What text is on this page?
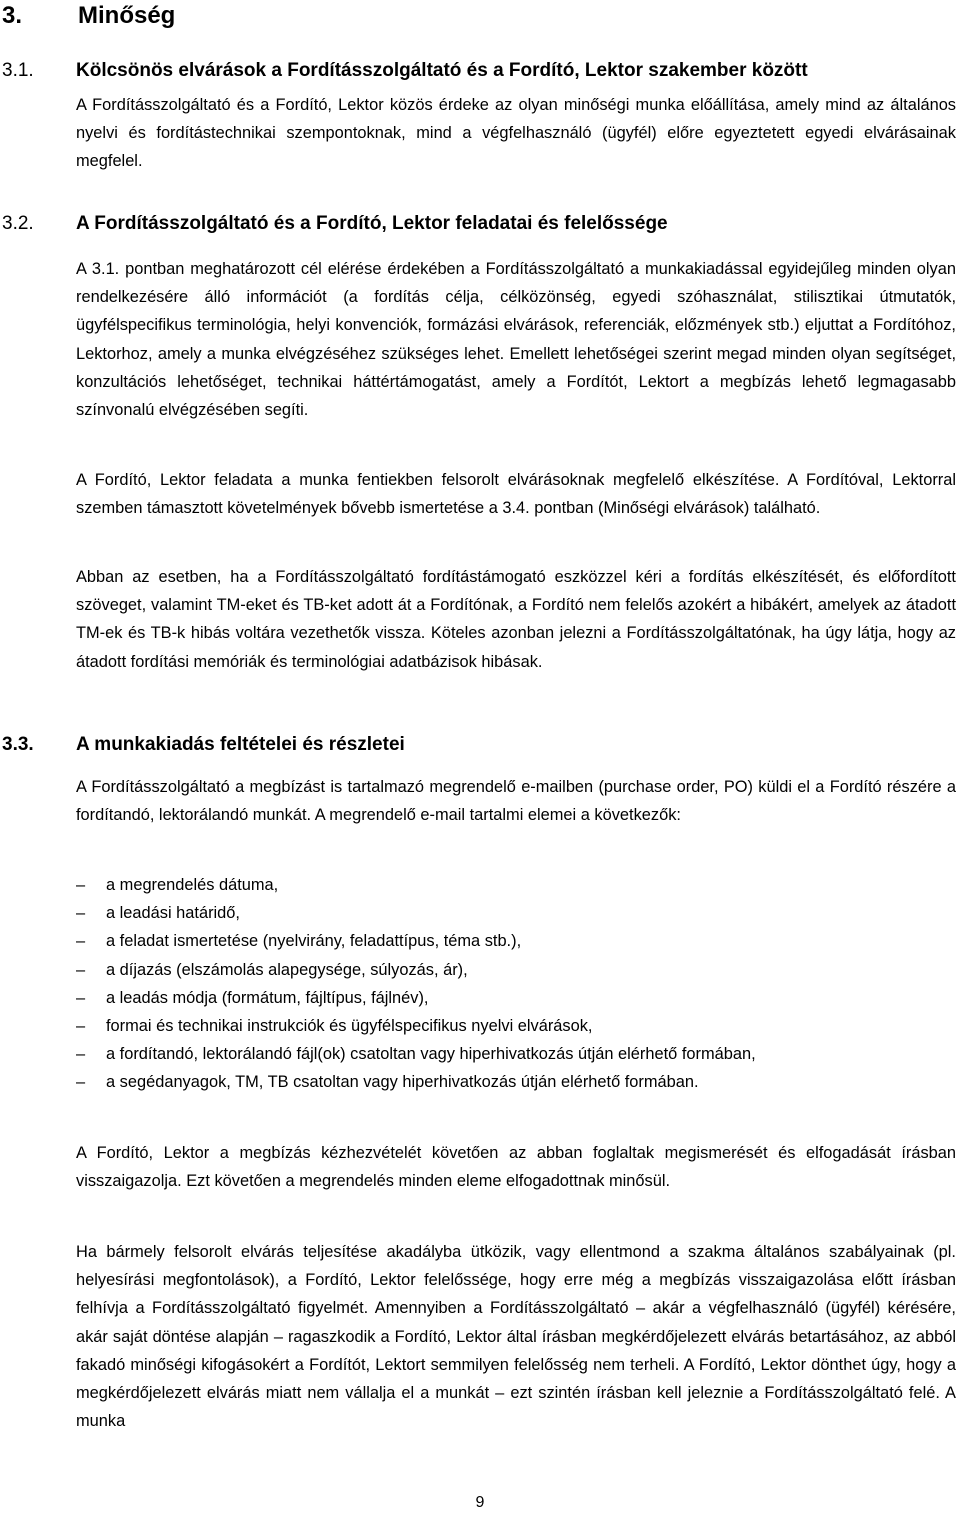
3. Minőség
3.1. Kölcsönös elvárások a Fordításszolgáltató és a Fordító, Lektor szakember között

A Fordításszolgáltató és a Fordító, Lektor közös érdeke az olyan minőségi munka előállítása, amely mind az általános nyelvi és fordítástechnikai szempontoknak, mind a végfelhasználó (ügyfél) előre egyeztetett egyedi elvárásainak megfelel.

3.2. A Fordításszolgáltató és a Fordító, Lektor feladatai és felelőssége

A 3.1. pontban meghatározott cél elérése érdekében a Fordításszolgáltató a munkakiadással egyidejűleg minden olyan rendelkezésére álló információt (a fordítás célja, célközönség, egyedi szóhasználat, stilisztikai útmutatók, ügyfélspecifikus terminológia, helyi konvenciók, formázási elvárások, referenciák, előzmények stb.) eljuttat a Fordítóhoz, Lektorhoz, amely a munka elvégzéséhez szükséges lehet. Emellett lehetőségei szerint megad minden olyan segítséget, konzultációs lehetőséget, technikai háttértámogatást, amely a Fordítót, Lektort a megbízás lehető legmagasabb színvonalú elvégzésében segíti.

A Fordító, Lektor feladata a munka fentiekben felsorolt elvárásoknak megfelelő elkészítése. A Fordítóval, Lektorral szemben támasztott követelmények bővebb ismertetése a 3.4. pontban (Minőségi elvárások) található.

Abban az esetben, ha a Fordításszolgáltató fordítástámogató eszközzel kéri a fordítás elkészítését, és előfordított szöveget, valamint TM-eket és TB-ket adott át a Fordítónak, a Fordító nem felelős azokért a hibákért, amelyek az átadott TM-ek és TB-k hibás voltára vezethetők vissza. Köteles azonban jelezni a Fordításszolgáltatónak, ha úgy látja, hogy az átadott fordítási memóriák és terminológiai adatbázisok hibásak.

3.3. A munkakiadás feltételei és részletei

A Fordításszolgáltató a megbízást is tartalmazó megrendelő e-mailben (purchase order, PO) küldi el a Fordító részére a fordítandó, lektorálandó munkát. A megrendelő e-mail tartalmi elemei a következők:

– a megrendelés dátuma,
– a leadási határidő,
– a feladat ismertetése (nyelvirány, feladattípus, téma stb.),
– a díjazás (elszámolás alapegysége, súlyozás, ár),
– a leadás módja (formátum, fájltípus, fájlnév),
– formai és technikai instrukciók és ügyfélspecifikus nyelvi elvárások,
– a fordítandó, lektorálandó fájl(ok) csatoltan vagy hiperhivatkozás útján elérhető formában,
– a segédanyagok, TM, TB csatoltan vagy hiperhivatkozás útján elérhető formában.

A Fordító, Lektor a megbízás kézhezvételét követően az abban foglaltak megismerését és elfogadását írásban visszaigazolja. Ezt követően a megrendelés minden eleme elfogadottnak minősül.

Ha bármely felsorolt elvárás teljesítése akadályba ütközik, vagy ellentmond a szakma általános szabályainak (pl. helyesírási megfontolások), a Fordító, Lektor felelőssége, hogy erre még a megbízás visszaigazolása előtt írásban felhívja a Fordításszolgáltató figyelmét. Amennyiben a Fordításszolgáltató – akár a végfelhasználó (ügyfél) kérésére, akár saját döntése alapján – ragaszkodik a Fordító, Lektor által írásban megkérdőjelezett elvárás betartásához, az abból fakadó minőségi kifogásokért a Fordítót, Lektort semmilyen felelősség nem terheli. A Fordító, Lektor dönthet úgy, hogy a megkérdőjelezett elvárás miatt nem vállalja el a munkát – ezt szintén írásban kell jeleznie a Fordításszolgáltató felé. A munka

9
